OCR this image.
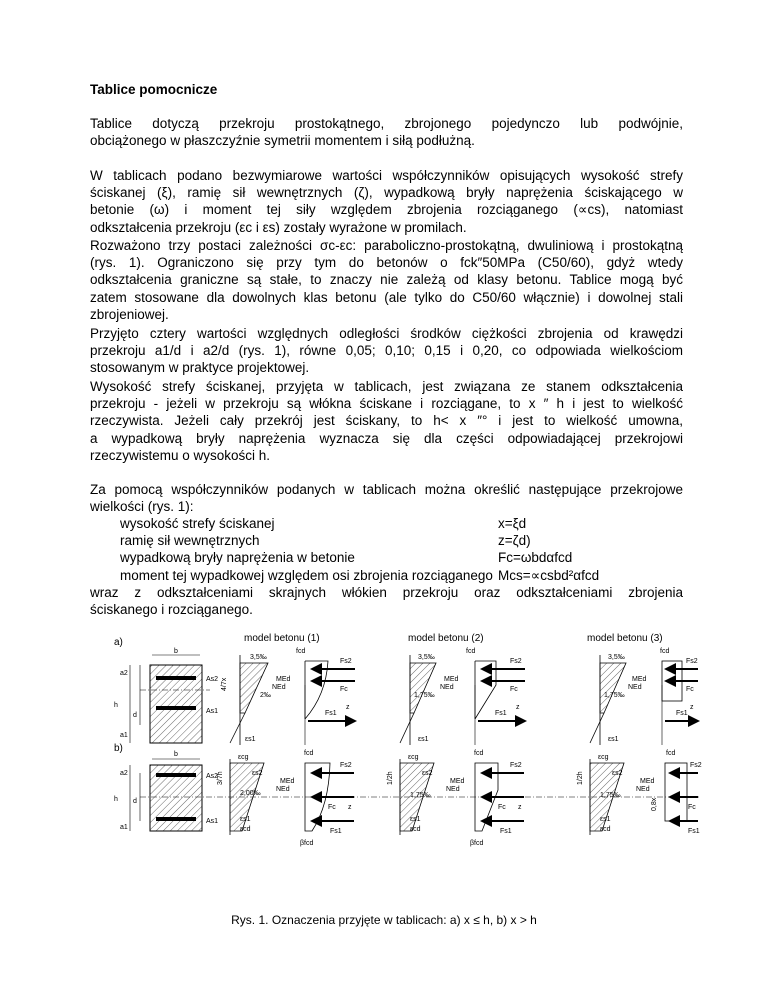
Tablice pomocnicze
Tablice dotyczą przekroju prostokątnego, zbrojonego pojedynczo lub podwójnie,
obciążonego w płaszczyźnie symetrii momentem i siłą podłużną.
W tablicach podano bezwymiarowe wartości współczynników opisujących wysokość strefy
ściskanej (ξ), ramię sił wewnętrznych (ζ), wypadkową bryły naprężenia ściskającego w
betonie (ω) i moment tej siły względem zbrojenia rozciąganego (∝cs), natomiast
odkształcenia przekroju (εc i εs) zostały wyrażone w promilach.
Rozważono trzy postaci zależności σc-εc: paraboliczno-prostokątną, dwuliniową i prostokątną
(rys. 1). Ograniczono się przy tym do betonów o fck″50MPa (C50/60), gdyż wtedy
odkształcenia graniczne są stałe, to znaczy nie zależą od klasy betonu. Tablice mogą być
zatem stosowane dla dowolnych klas betonu (ale tylko do C50/60 włącznie) i dowolnej stali
zbrojeniowej.
Przyjęto cztery wartości względnych odległości środków ciężkości zbrojenia od krawędzi
przekroju a1/d i a2/d (rys. 1), równe 0,05; 0,10; 0,15 i 0,20, co odpowiada wielkościom
stosowanym w praktyce projektowej.
Wysokość strefy ściskanej, przyjęta w tablicach, jest związana ze stanem odkształcenia
przekroju - jeżeli w przekroju są włókna ściskane i rozciągane, to x ″ h i jest to wielkość
rzeczywista. Jeżeli cały przekrój jest ściskany, to h< x ″° i jest to wielkość umowna,
a wypadkową bryły naprężenia wyznacza się dla części odpowiadającej przekrojowi
rzeczywistemu o wysokości h.
Za pomocą współczynników podanych w tablicach można określić następujące przekrojowe
wielkości (rys. 1):
wysokość strefy ściskanej	x=ξd
ramię sił wewnętrznych	z=ζd)
wypadkową bryły naprężenia w betonie	Fc=ωbdαfcd
moment tej wypadkowej względem osi zbrojenia rozciąganego Mcs=∝csbd²αfcd
wraz z odkształceniami skrajnych włókien przekroju oraz odkształceniami zbrojenia
ściskanego i rozciąganego.
a)	model betonu (1)	model betonu (2)	model betonu (3)
b
As2
As1
h
d
a2
a1
3,5‰
2‰
εs1
4/7x
fcd
Fs2
Fc
Fs1
MEd
NEd
z
3,5‰
1,75‰
εs1
fcd
Fs2
Fc
Fs1
MEd
NEd
z
3,5‰
1,75‰
εs1
fcd
Fs2
Fc
Fs1
MEd
NEd
z
b)
b
As2
As1
h d
a2
a1
εcg
εs2
2,00‰
εs1
εcd
3/7h
fcd
Fs2
Fc
Fs1
MEd
NEd
z
βfcd
εcg
εs2
1,75‰
εs1
εcd
1/2h
fcd
Fs2
Fc
Fs1
MEd
NEd
z
βfcd
εcg
εs2
1,75‰
εs1
εcd
1/2h
fcd
Fs2
Fc
Fs1
MEd
NEd
0,8x
Rys. 1. Oznaczenia przyjęte w tablicach: a) x ≤ h, b) x > h
